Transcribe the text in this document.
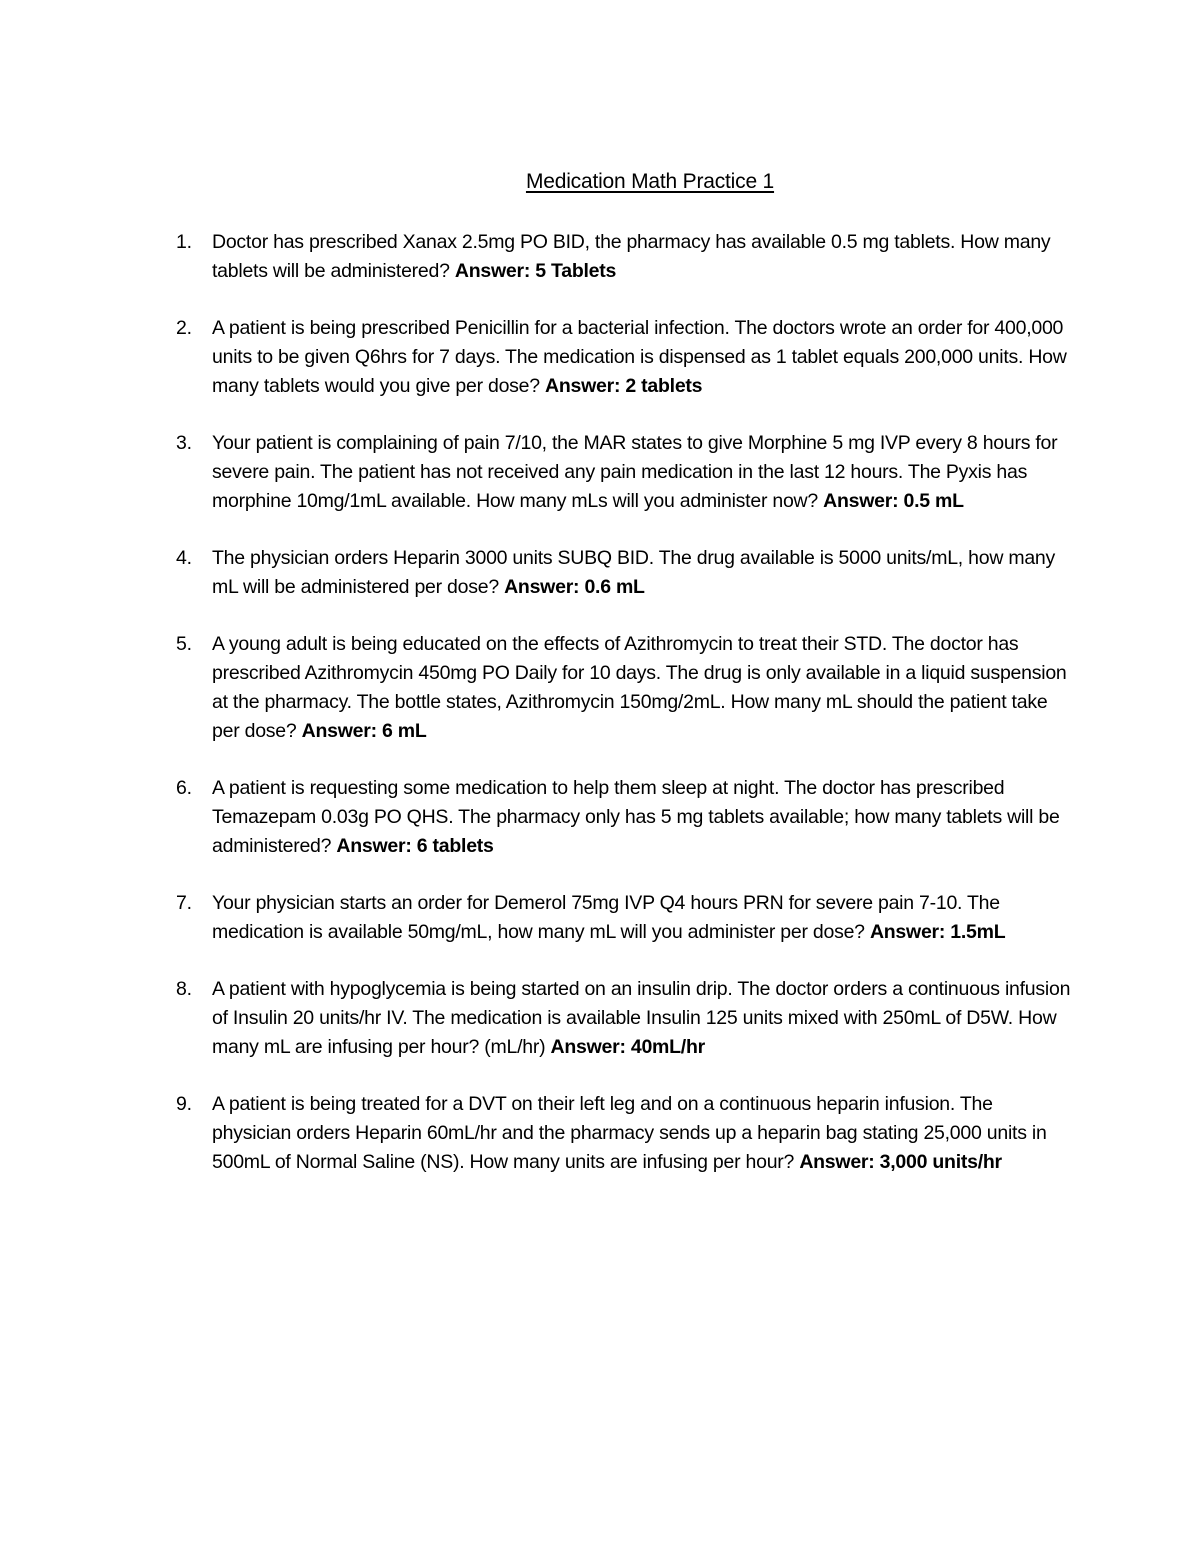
Medication Math Practice 1
1. Doctor has prescribed Xanax 2.5mg PO BID, the pharmacy has available 0.5 mg tablets. How many tablets will be administered? Answer: 5 Tablets
2. A patient is being prescribed Penicillin for a bacterial infection. The doctors wrote an order for 400,000 units to be given Q6hrs for 7 days. The medication is dispensed as 1 tablet equals 200,000 units. How many tablets would you give per dose? Answer: 2 tablets
3. Your patient is complaining of pain 7/10, the MAR states to give Morphine 5 mg IVP every 8 hours for severe pain. The patient has not received any pain medication in the last 12 hours. The Pyxis has morphine 10mg/1mL available. How many mLs will you administer now? Answer: 0.5 mL
4. The physician orders Heparin 3000 units SUBQ BID. The drug available is 5000 units/mL, how many mL will be administered per dose? Answer: 0.6 mL
5. A young adult is being educated on the effects of Azithromycin to treat their STD. The doctor has prescribed Azithromycin 450mg PO Daily for 10 days. The drug is only available in a liquid suspension at the pharmacy. The bottle states, Azithromycin 150mg/2mL. How many mL should the patient take per dose? Answer: 6 mL
6. A patient is requesting some medication to help them sleep at night. The doctor has prescribed Temazepam 0.03g PO QHS. The pharmacy only has 5 mg tablets available; how many tablets will be administered? Answer: 6 tablets
7. Your physician starts an order for Demerol 75mg IVP Q4 hours PRN for severe pain 7-10. The medication is available 50mg/mL, how many mL will you administer per dose? Answer: 1.5mL
8. A patient with hypoglycemia is being started on an insulin drip. The doctor orders a continuous infusion of Insulin 20 units/hr IV. The medication is available Insulin 125 units mixed with 250mL of D5W. How many mL are infusing per hour? (mL/hr) Answer: 40mL/hr
9. A patient is being treated for a DVT on their left leg and on a continuous heparin infusion. The physician orders Heparin 60mL/hr and the pharmacy sends up a heparin bag stating 25,000 units in 500mL of Normal Saline (NS). How many units are infusing per hour? Answer: 3,000 units/hr
